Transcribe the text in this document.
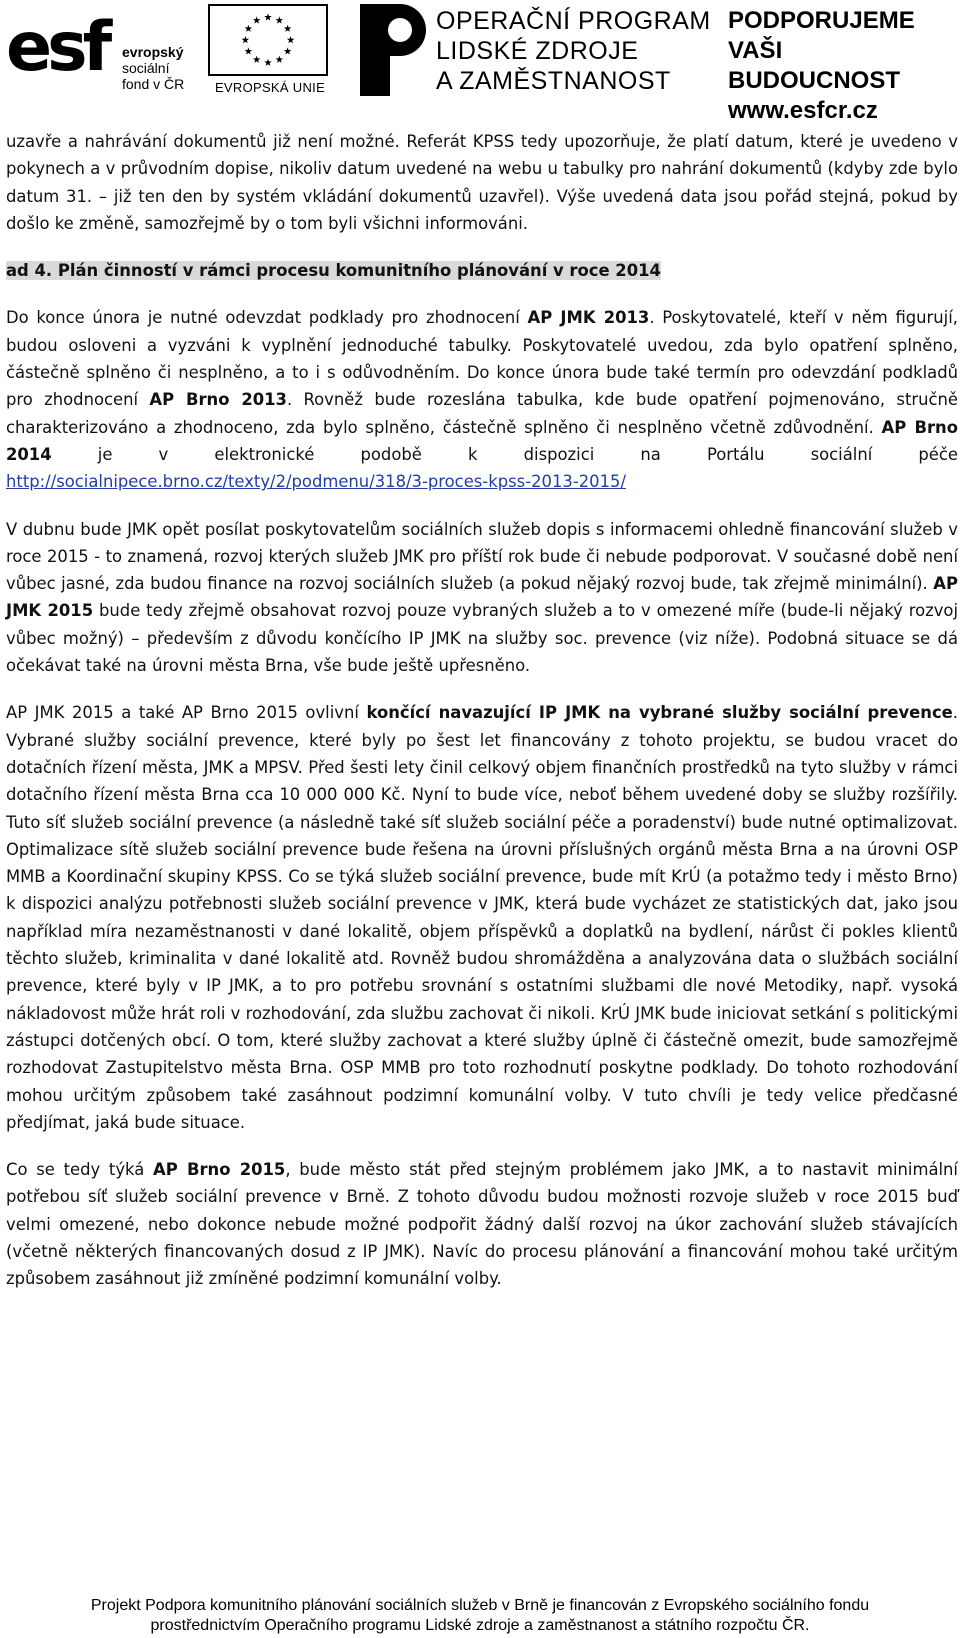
esf evropský
sociální
fond v ČR	EVROPSKÁ UNIE
OPERAČNÍ PROGRAM
LIDSKÉ ZDROJE
A ZAMĚSTNANOST
PODPORUJEME
VAŠI BUDOUCNOST
www.esfcr.cz

uzavře a nahrávání dokumentů již není možné. Referát KPSS tedy upozorňuje, že platí datum, které je uvedeno v pokynech a v průvodním dopise, nikoliv datum uvedené na webu u tabulky pro nahrání dokumentů (kdyby zde bylo datum 31. – již ten den by systém vkládání dokumentů uzavřel). Výše uvedená data jsou pořád stejná, pokud by došlo ke změně, samozřejmě by o tom byli všichni informováni.

ad 4. Plán činností v rámci procesu komunitního plánování v roce 2014

Do konce února je nutné odevzdat podklady pro zhodnocení AP JMK 2013. Poskytovatelé, kteří v něm figurují, budou osloveni a vyzváni k vyplnění jednoduché tabulky. Poskytovatelé uvedou, zda bylo opatření splněno, částečně splněno či nesplněno, a to i s odůvodněním. Do konce února bude také termín pro odevzdání podkladů pro zhodnocení AP Brno 2013. Rovněž bude rozeslána tabulka, kde bude opatření pojmenováno, stručně charakterizováno a zhodnoceno, zda bylo splněno, částečně splněno či nesplněno včetně zdůvodnění. AP Brno 2014 je v elektronické podobě k dispozici na Portálu sociální péče http://socialnipece.brno.cz/texty/2/podmenu/318/3-proces-kpss-2013-2015/

V dubnu bude JMK opět posílat poskytovatelům sociálních služeb dopis s informacemi ohledně financování služeb v roce 2015 - to znamená, rozvoj kterých služeb JMK pro příští rok bude či nebude podporovat. V současné době není vůbec jasné, zda budou finance na rozvoj sociálních služeb (a pokud nějaký rozvoj bude, tak zřejmě minimální). AP JMK 2015 bude tedy zřejmě obsahovat rozvoj pouze vybraných služeb a to v omezené míře (bude-li nějaký rozvoj vůbec možný) – především z důvodu končícího IP JMK na služby soc. prevence (viz níže). Podobná situace se dá očekávat také na úrovni města Brna, vše bude ještě upřesněno.

AP JMK 2015 a také AP Brno 2015 ovlivní končící navazující IP JMK na vybrané služby sociální prevence. Vybrané služby sociální prevence, které byly po šest let financovány z tohoto projektu, se budou vracet do dotačních řízení města, JMK a MPSV. Před šesti lety činil celkový objem finančních prostředků na tyto služby v rámci dotačního řízení města Brna cca 10 000 000 Kč. Nyní to bude více, neboť během uvedené doby se služby rozšířily. Tuto síť služeb sociální prevence (a následně také síť služeb sociální péče a poradenství) bude nutné optimalizovat. Optimalizace sítě služeb sociální prevence bude řešena na úrovni příslušných orgánů města Brna a na úrovni OSP MMB a Koordinační skupiny KPSS. Co se týká služeb sociální prevence, bude mít KrÚ (a potažmo tedy i město Brno) k dispozici analýzu potřebnosti služeb sociální prevence v JMK, která bude vycházet ze statistických dat, jako jsou například míra nezaměstnanosti v dané lokalitě, objem příspěvků a doplatků na bydlení, nárůst či pokles klientů těchto služeb, kriminalita v dané lokalitě atd. Rovněž budou shromážděna a analyzována data o službách sociální prevence, které byly v IP JMK, a to pro potřebu srovnání s ostatními službami dle nové Metodiky, např. vysoká nákladovost může hrát roli v rozhodování, zda službu zachovat či nikoli. KrÚ JMK bude iniciovat setkání s politickými zástupci dotčených obcí. O tom, které služby zachovat a které služby úplně či částečně omezit, bude samozřejmě rozhodovat Zastupitelstvo města Brna. OSP MMB pro toto rozhodnutí poskytne podklady. Do tohoto rozhodování mohou určitým způsobem také zasáhnout podzimní komunální volby. V tuto chvíli je tedy velice předčasné předjímat, jaká bude situace.

Co se tedy týká AP Brno 2015, bude město stát před stejným problémem jako JMK, a to nastavit minimální potřebou síť služeb sociální prevence v Brně. Z tohoto důvodu budou možnosti rozvoje služeb v roce 2015 buď velmi omezené, nebo dokonce nebude možné podpořit žádný další rozvoj na úkor zachování služeb stávajících (včetně některých financovaných dosud z IP JMK). Navíc do procesu plánování a financování mohou také určitým způsobem zasáhnout již zmíněné podzimní komunální volby.

Projekt Podpora komunitního plánování sociálních služeb v Brně je financován z Evropského sociálního fondu
prostřednictvím Operačního programu Lidské zdroje a zaměstnanost a státního rozpočtu ČR.
